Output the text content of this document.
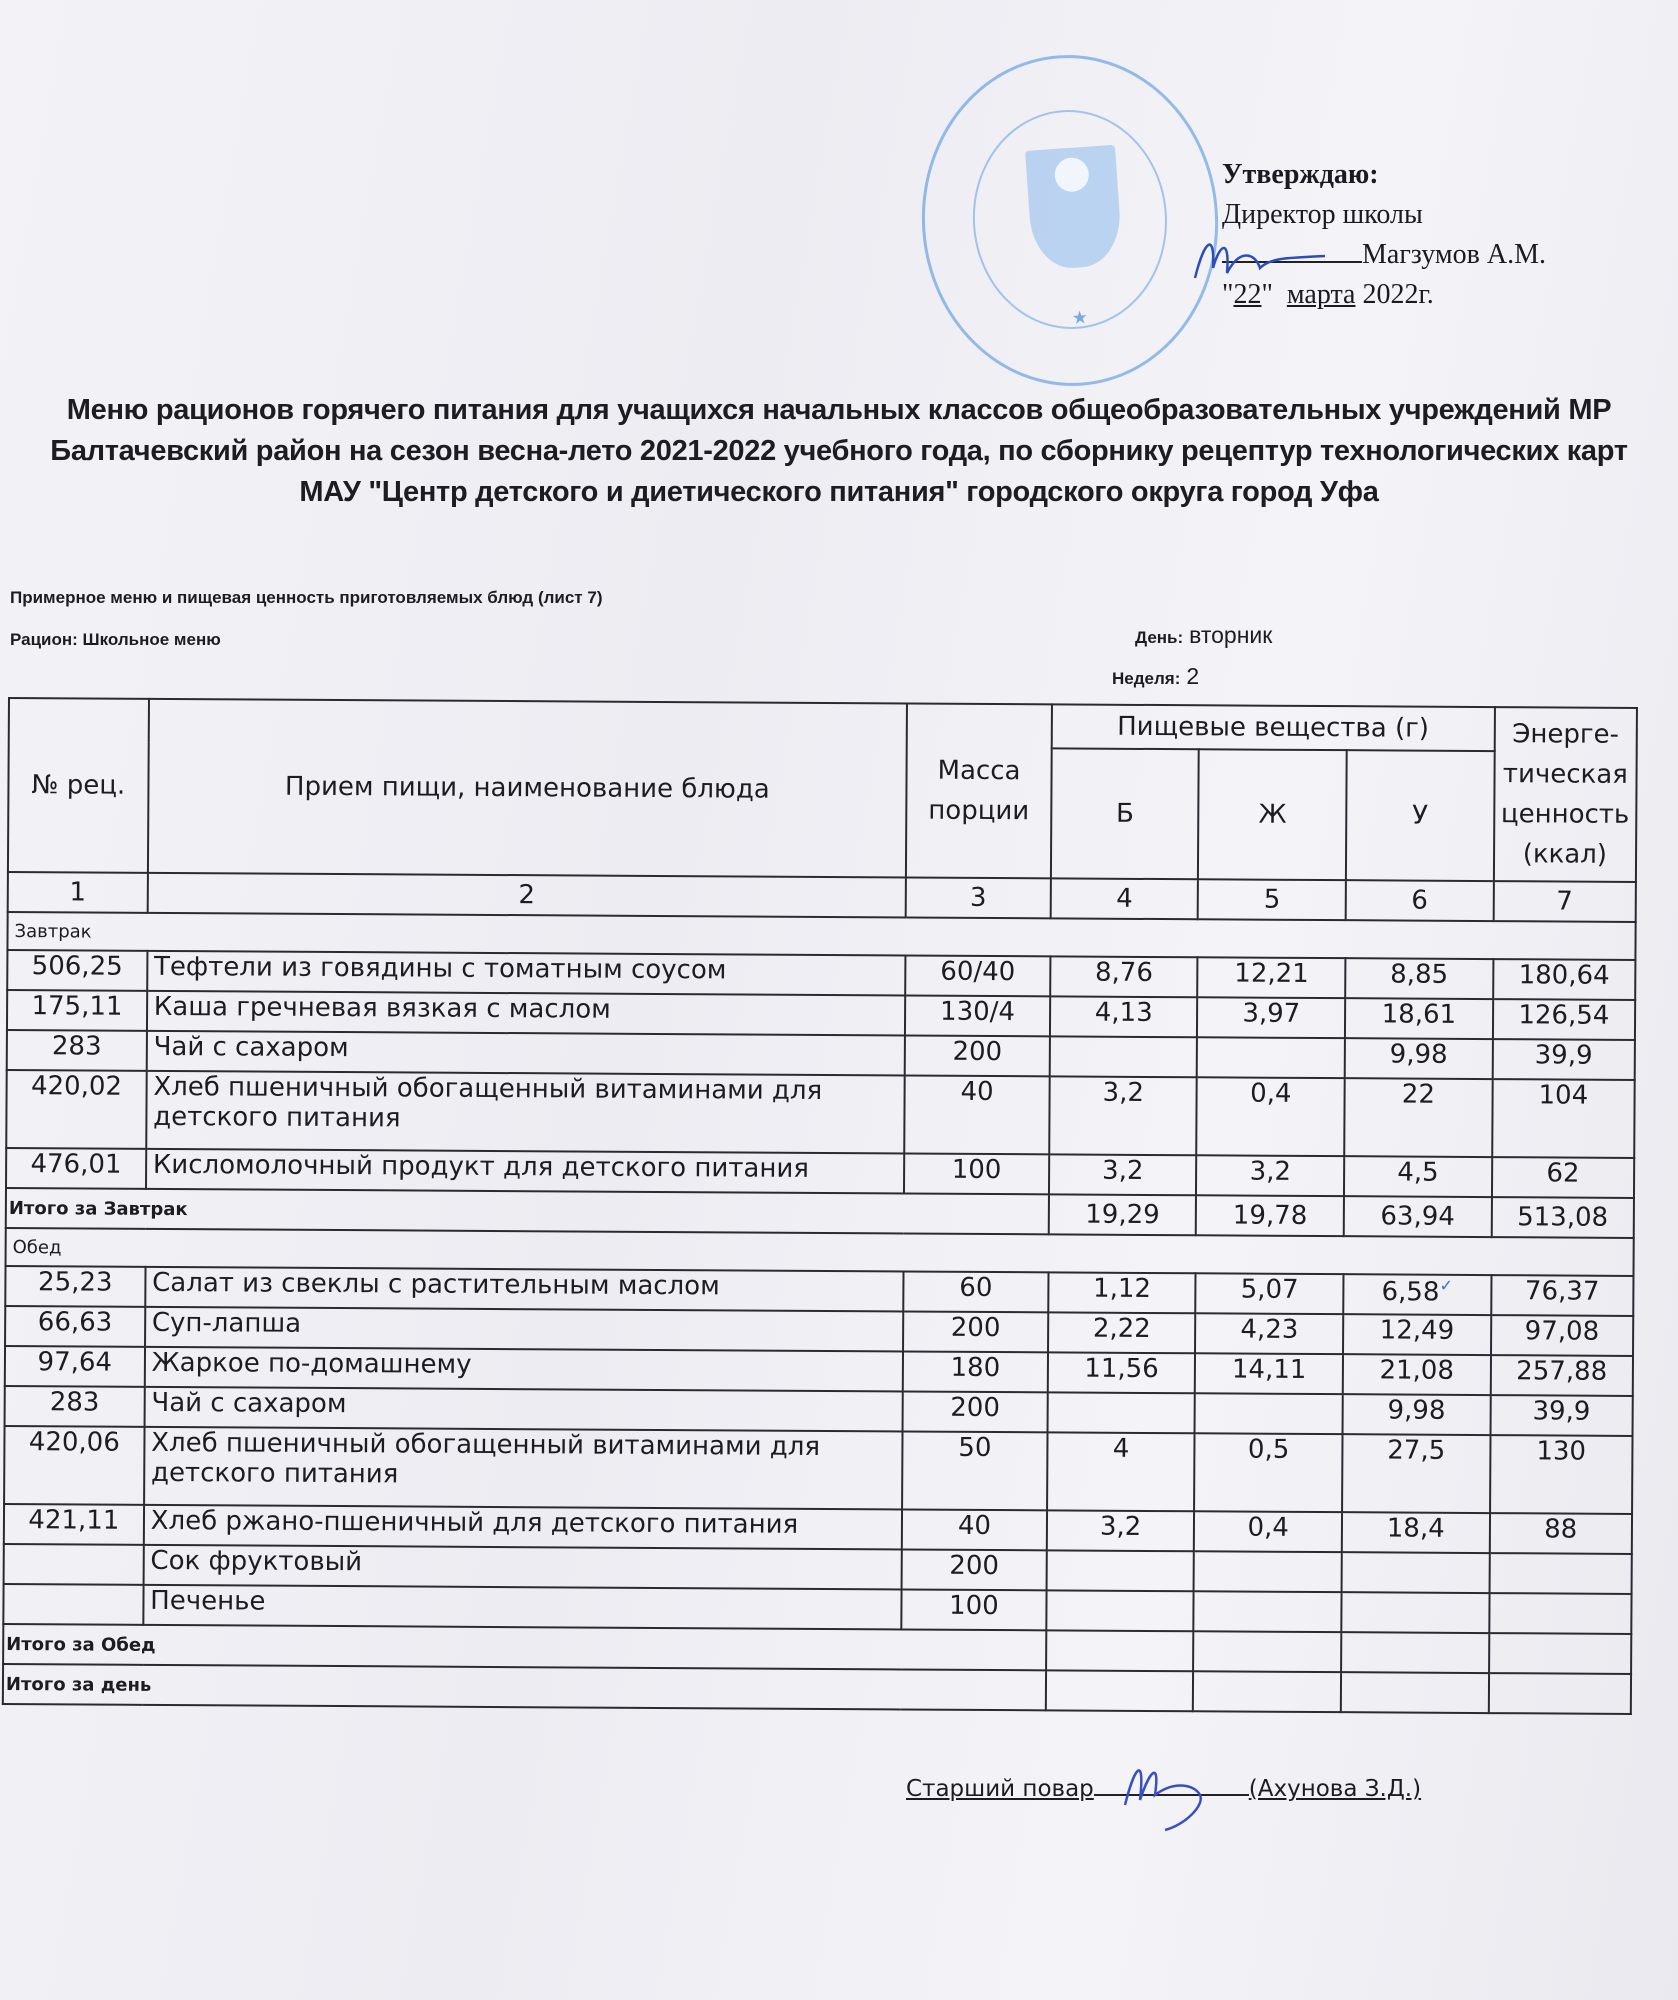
★
Утверждаю:
Директор школы
Магзумов А.М.
"22" марта 2022г.
Меню рационов горячего питания для учащихся начальных классов общеобразовательных учреждений МР Балтачевский район на сезон весна-лето 2021-2022 учебного года, по сборнику рецептур технологических карт МАУ "Центр детского и диетического питания" городского округа город Уфа
Примерное меню и пищевая ценность приготовляемых блюд (лист 7)
Рацион: Школьное меню	День: вторник
Неделя: 2
№ рец.	Прием пищи, наименование блюда	Масса порции	Пищевые вещества (г)			Энерге-тическая ценность (ккал)
			Б	Ж	У	
1	2	3	4	5	6	7
Завтрак						
506,25	Тефтели из говядины с томатным соусом	60/40	8,76	12,21	8,85	180,64
175,11	Каша гречневая вязкая с маслом	130/4	4,13	3,97	18,61	126,54
283	Чай с сахаром	200			9,98	39,9
420,02	Хлеб пшеничный обогащенный витаминами для детского питания	40	3,2	0,4	22	104
476,01	Кисломолочный продукт для детского питания	100	3,2	3,2	4,5	62
Итого за Завтрак			19,29	19,78	63,94	513,08
Обед						
25,23	Салат из свеклы с растительным маслом	60	1,12	5,07	6,58✓	76,37
66,63	Суп-лапша	200	2,22	4,23	12,49	97,08
97,64	Жаркое по-домашнему	180	11,56	14,11	21,08	257,88
283	Чай с сахаром	200			9,98	39,9
420,06	Хлеб пшеничный обогащенный витаминами для детского питания	50	4	0,5	27,5	130
421,11	Хлеб ржано-пшеничный для детского питания	40	3,2	0,4	18,4	88
	Сок фруктовый	200				
	Печенье	100				
Итого за Обед						
Итого за день						
Старший повар	(Ахунова З.Д.)
